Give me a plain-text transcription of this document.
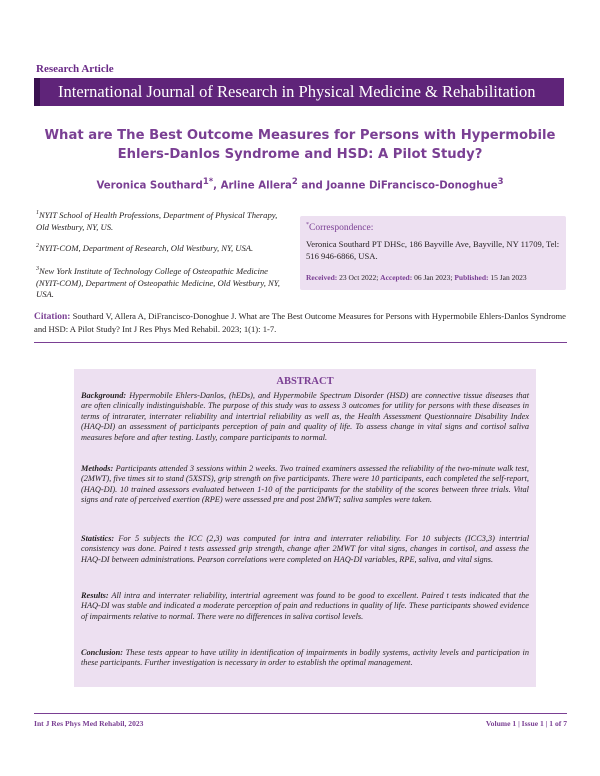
Research Article
International Journal of Research in Physical Medicine & Rehabilitation
What are The Best Outcome Measures for Persons with Hypermobile Ehlers-Danlos Syndrome and HSD: A Pilot Study?
Veronica Southard$^{1*}$, Arline Allera$^2$ and Joanne DiFrancisco-Donoghue$^3$
$^1$NYIT School of Health Professions, Department of Physical Therapy, Old Westbury, NY, US.
$^2$NYIT-COM, Department of Research, Old Westbury, NY, USA.
$^3$New York Institute of Technology College of Osteopathic Medicine (NYIT-COM), Department of Osteopathic Medicine, Old Westbury, NY, USA.
*Correspondence:
Veronica Southard PT DHSc, 186 Bayville Ave, Bayville, NY 11709, Tel: 516 946-6866, USA.
Received: 23 Oct 2022; Accepted: 06 Jan 2023; Published: 15 Jan 2023
Citation: Southard V, Allera A, DiFrancisco-Donoghue J. What are The Best Outcome Measures for Persons with Hypermobile Ehlers-Danlos Syndrome and HSD: A Pilot Study? Int J Res Phys Med Rehabil. 2023; 1(1): 1-7.
ABSTRACT

Background: Hypermobile Ehlers-Danlos, (hEDs), and Hypermobile Spectrum Disorder (HSD) are connective tissue diseases that are often clinically indistinguishable. The purpose of this study was to assess 3 outcomes for utility for persons with these diseases in terms of intrarater, interrater reliability and intertrial reliability as well as, the Health Assessment Questionnaire Disability Index (HAQ-DI) an assessment of participants perception of pain and quality of life. To assess change in vital signs and cortisol saliva measures before and after testing. Lastly, compare participants to normal.

Methods: Participants attended 3 sessions within 2 weeks. Two trained examiners assessed the reliability of the two-minute walk test, (2MWT), five times sit to stand (5XSTS), grip strength on five participants. There were 10 participants, each completed the self-report, (HAQ-DI). 10 trained assessors evaluated between 1-10 of the participants for the stability of the scores between three trials. Vital signs and rate of perceived exertion (RPE) were assessed pre and post 2MWT; saliva samples were taken.

Statistics: For 5 subjects the ICC (2,3) was computed for intra and interrater reliability. For 10 subjects (ICC3,3) intertrial consistency was done. Paired t tests assessed grip strength, change after 2MWT for vital signs, changes in cortisol, and assess the HAQ-DI between administrations. Pearson correlations were completed on HAQ-DI variables, RPE, saliva, and vital signs.

Results: All intra and interrater reliability, intertrial agreement was found to be good to excellent. Paired t tests indicated that the HAQ-DI was stable and indicated a moderate perception of pain and reductions in quality of life. These participants showed evidence of impairments relative to normal. There were no differences in saliva cortisol levels.

Conclusion: These tests appear to have utility in identification of impairments in bodily systems, activity levels and participation in these participants. Further investigation is necessary in order to establish the optimal management.

Int J Res Phys Med Rehabil, 2023	Volume 1 | Issue 1 | 1 of 7
